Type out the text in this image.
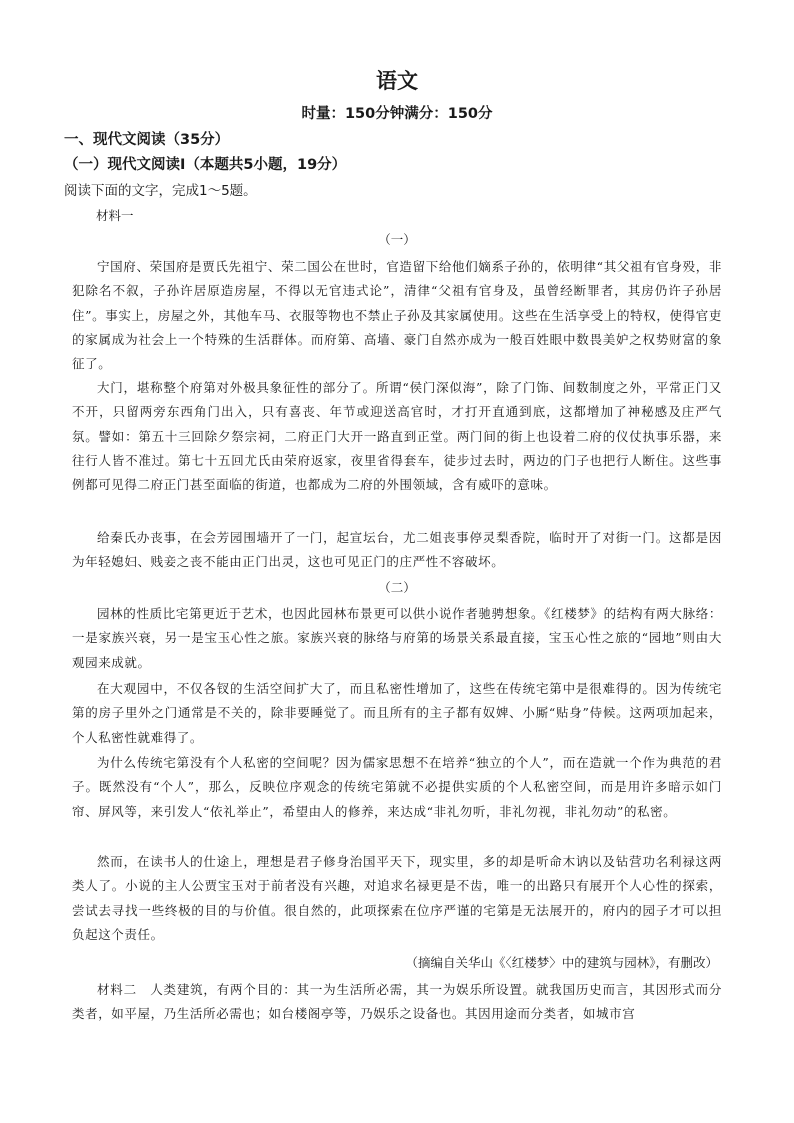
语文
时量：150分钟满分：150分
一、现代文阅读（35分）
（一）现代文阅读Ⅰ（本题共5小题，19分）
阅读下面的文字，完成1～5题。
材料一
（一）

宁国府、荣国府是贾氏先祖宁、荣二国公在世时，官造留下给他们嫡系子孙的，依明律“其父祖有官身殁，非犯除名不叙，子孙许居原造房屋，不得以无官违式论”，清律“父祖有官身及，虽曾经断罪者，其房仍许子孙居住”。事实上，房屋之外，其他车马、衣服等物也不禁止子孙及其家属使用。这些在生活享受上的特权，使得官吏的家属成为社会上一个特殊的生活群体。而府第、高墙、豪门自然亦成为一般百姓眼中数畏美妒之权势财富的象征了。

大门，堪称整个府第对外极具象征性的部分了。所谓“侯门深似海”，除了门饰、间数制度之外，平常正门又不开，只留两旁东西角门出入，只有喜丧、年节或迎送高官时，才打开直通到底，这都增加了神秘感及庄严气氛。譬如：第五十三回除夕祭宗祠，二府正门大开一路直到正堂。两门间的街上也设着二府的仪仗执事乐器，来往行人皆不准过。第七十五回尤氏由荣府返家，夜里省得套车，徒步过去时，两边的门子也把行人断住。这些事例都可见得二府正门甚至面临的街道，也都成为二府的外围领域，含有威吓的意味。

给秦氏办丧事，在会芳园围墙开了一门，起宣坛台，尤二姐丧事停灵梨香院，临时开了对街一门。这都是因为年轻媳妇、贱妾之丧不能由正门出灵，这也可见正门的庄严性不容破坏。

（二）

园林的性质比宅第更近于艺术，也因此园林布景更可以供小说作者驰骋想象。《红楼梦》的结构有两大脉络：一是家族兴衰，另一是宝玉心性之旅。家族兴衰的脉络与府第的场景关系最直接，宝玉心性之旅的“园地”则由大观园来成就。

在大观园中，不仅各钗的生活空间扩大了，而且私密性增加了，这些在传统宅第中是很难得的。因为传统宅第的房子里外之门通常是不关的，除非要睡觉了。而且所有的主子都有奴婢、小厮“贴身”侍候。这两项加起来，个人私密性就难得了。

为什么传统宅第没有个人私密的空间呢？因为儒家思想不在培养“独立的个人”，而在造就一个作为典范的君子。既然没有“个人”，那么，反映位序观念的传统宅第就不必提供实质的个人私密空间，而是用许多暗示如门帘、屏风等，来引发人“依礼举止”，希望由人的修养，来达成“非礼勿听，非礼勿视，非礼勿动”的私密。

然而，在读书人的仕途上，理想是君子修身治国平天下，现实里，多的却是听命木讷以及钻营功名利禄这两类人了。小说的主人公贾宝玉对于前者没有兴趣，对追求名禄更是不齿，唯一的出路只有展开个人心性的探索，尝试去寻找一些终极的目的与价值。很自然的，此项探索在位序严谨的宅第是无法展开的，府内的园子才可以担负起这个责任。

（摘编自关华山《〈红楼梦〉中的建筑与园林》，有删改）

材料二　人类建筑，有两个目的：其一为生活所必需，其一为娱乐所设置。就我国历史而言，其因形式而分类者，如平屋，乃生活所必需也；如台楼阁亭等，乃娱乐之设备也。其因用途而分类者，如城市宫
